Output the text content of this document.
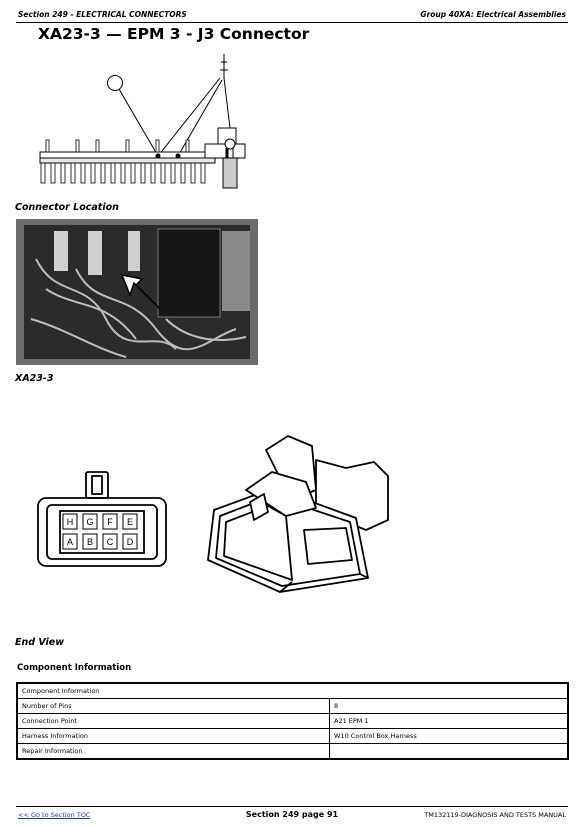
Section 249 - ELECTRICAL CONNECTORS	Group 40XA: Electrical Assemblies
XA23-3 — EPM 3 - J3 Connector
Connector Location
XA23-3
H G F E
A B C D
End View
Component Information
Component Information	
Number of Pins	8
Connection Point	A21 EPM 1
Harness Information	W10 Control Box Harness
Repair Information	
<< Go to Section TOC	Section 249 page 91	TM132119-DIAGNOSIS AND TESTS MANUAL
